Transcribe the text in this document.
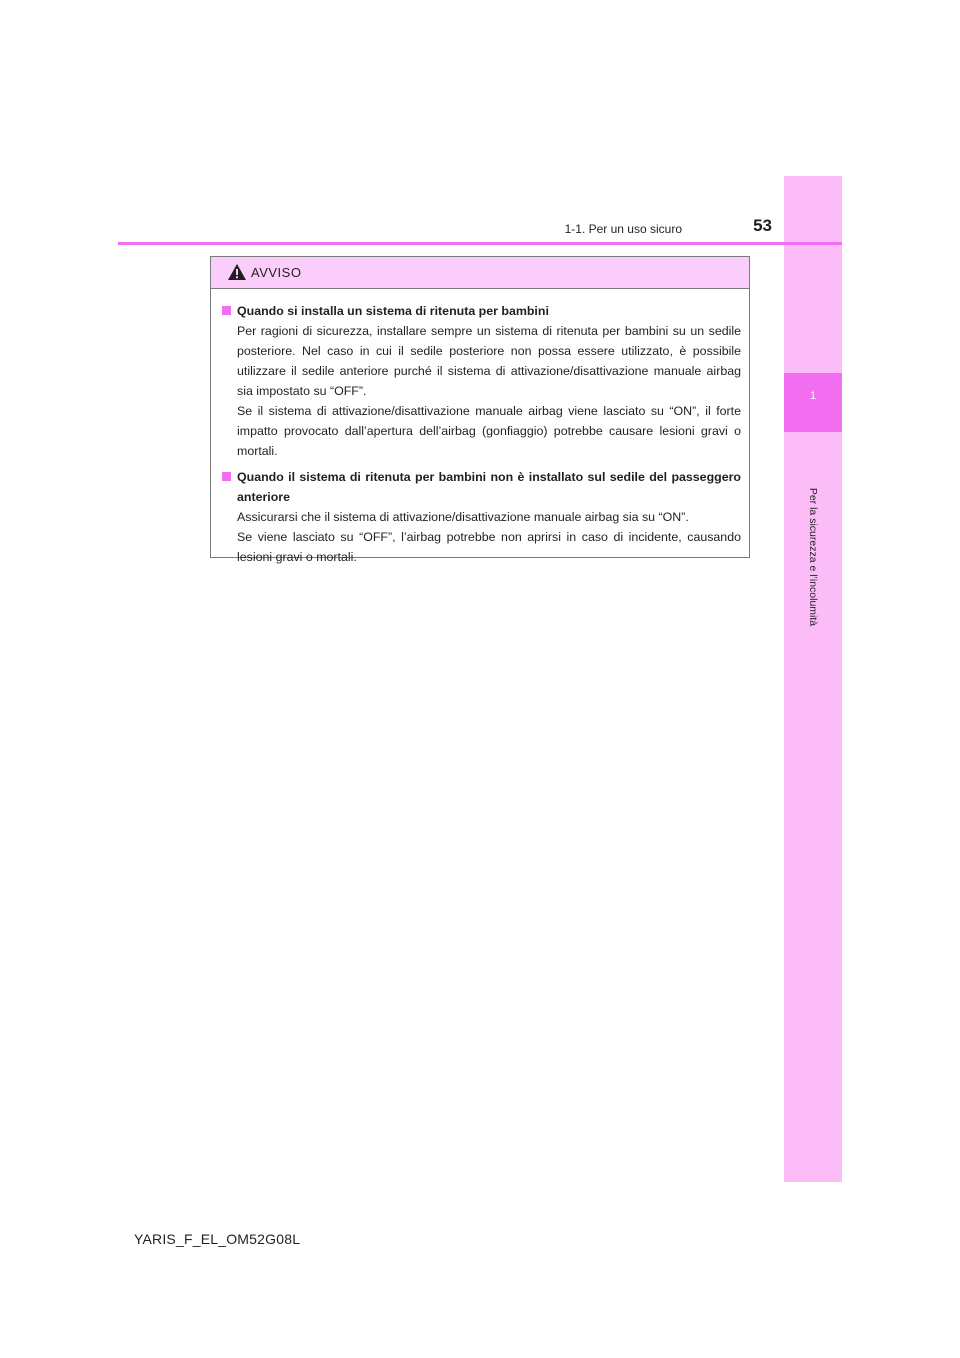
1
Per la sicurezza e l’incolumità
1-1. Per un uso sicuro	53
AVVISO
Quando si installa un sistema di ritenuta per bambini
Per ragioni di sicurezza, installare sempre un sistema di ritenuta per bambini su un sedile posteriore. Nel caso in cui il sedile posteriore non possa essere utilizzato, è possibile utilizzare il sedile anteriore purché il sistema di attivazione/disattivazione manuale airbag sia impostato su “OFF”.
Se il sistema di attivazione/disattivazione manuale airbag viene lasciato su “ON”, il forte impatto provocato dall’apertura dell’airbag (gonfiaggio) potrebbe causare lesioni gravi o mortali.
Quando il sistema di ritenuta per bambini non è installato sul sedile del passeggero anteriore
Assicurarsi che il sistema di attivazione/disattivazione manuale airbag sia su “ON”.
Se viene lasciato su “OFF”, l’airbag potrebbe non aprirsi in caso di incidente, causando lesioni gravi o mortali.
YARIS_F_EL_OM52G08L
